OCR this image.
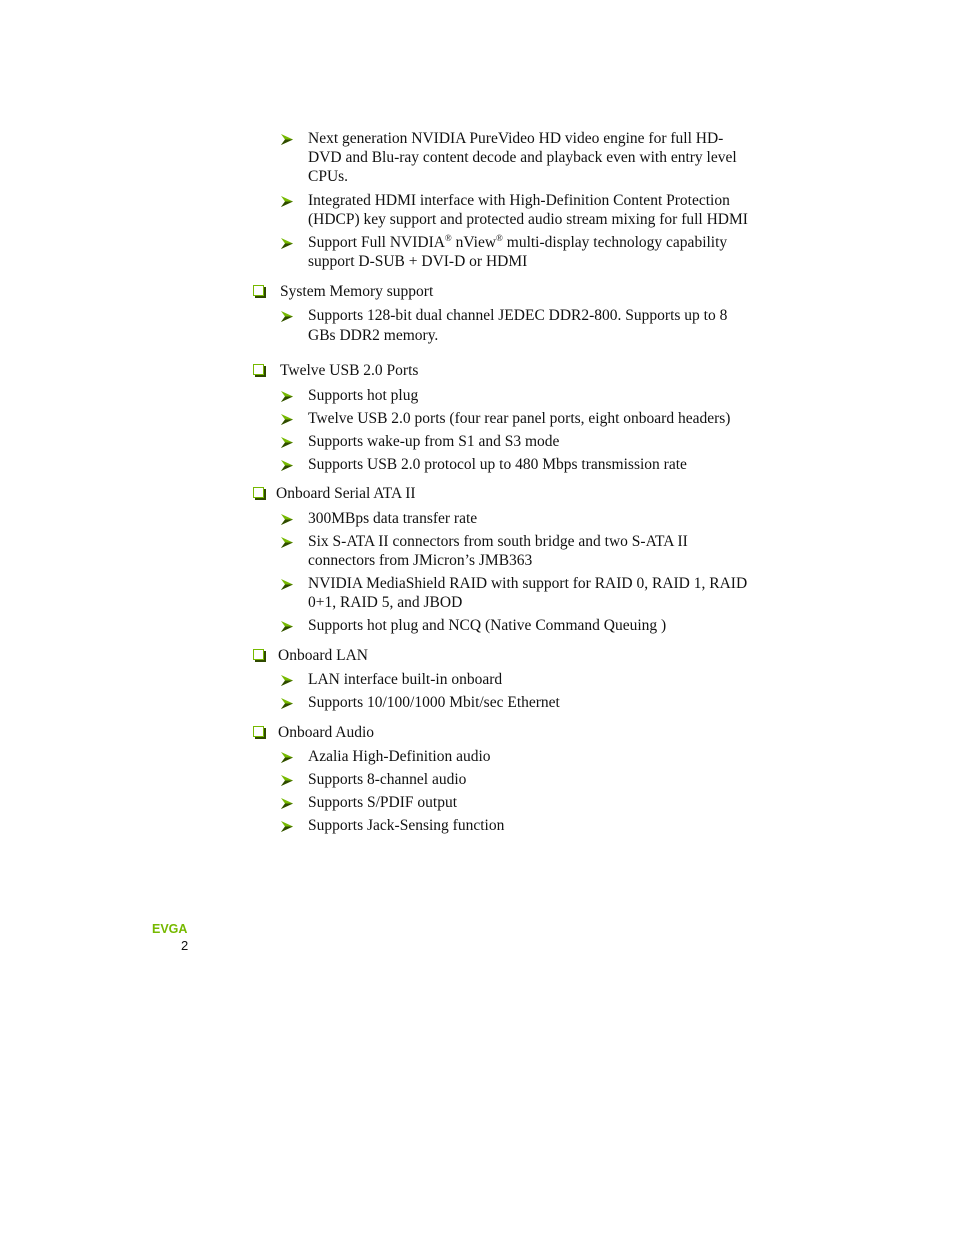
Next generation NVIDIA PureVideo HD video engine for full HD-
DVD and Blu-ray content decode and playback even with entry level
CPUs.
Integrated HDMI interface with High-Definition Content Protection
(HDCP) key support and protected audio stream mixing for full HDMI
Support Full NVIDIA® nView® multi-display technology capability
support D-SUB + DVI-D or HDMI
System Memory support
Supports 128-bit dual channel JEDEC DDR2-800. Supports up to 8
GBs DDR2 memory.
Twelve USB 2.0 Ports
Supports hot plug
Twelve USB 2.0 ports (four rear panel ports, eight onboard headers)
Supports wake-up from S1 and S3 mode
Supports USB 2.0 protocol up to 480 Mbps transmission rate
Onboard Serial ATA II
300MBps data transfer rate
Six S-ATA II connectors from south bridge and two S-ATA II
connectors from JMicron’s JMB363
NVIDIA MediaShield RAID with support for RAID 0, RAID 1, RAID
0+1, RAID 5, and JBOD
Supports hot plug and NCQ (Native Command Queuing )
Onboard LAN
LAN interface built-in onboard
Supports 10/100/1000 Mbit/sec Ethernet
Onboard Audio
Azalia High-Definition audio
Supports 8-channel audio
Supports S/PDIF output
Supports Jack-Sensing function
EVGA
2
